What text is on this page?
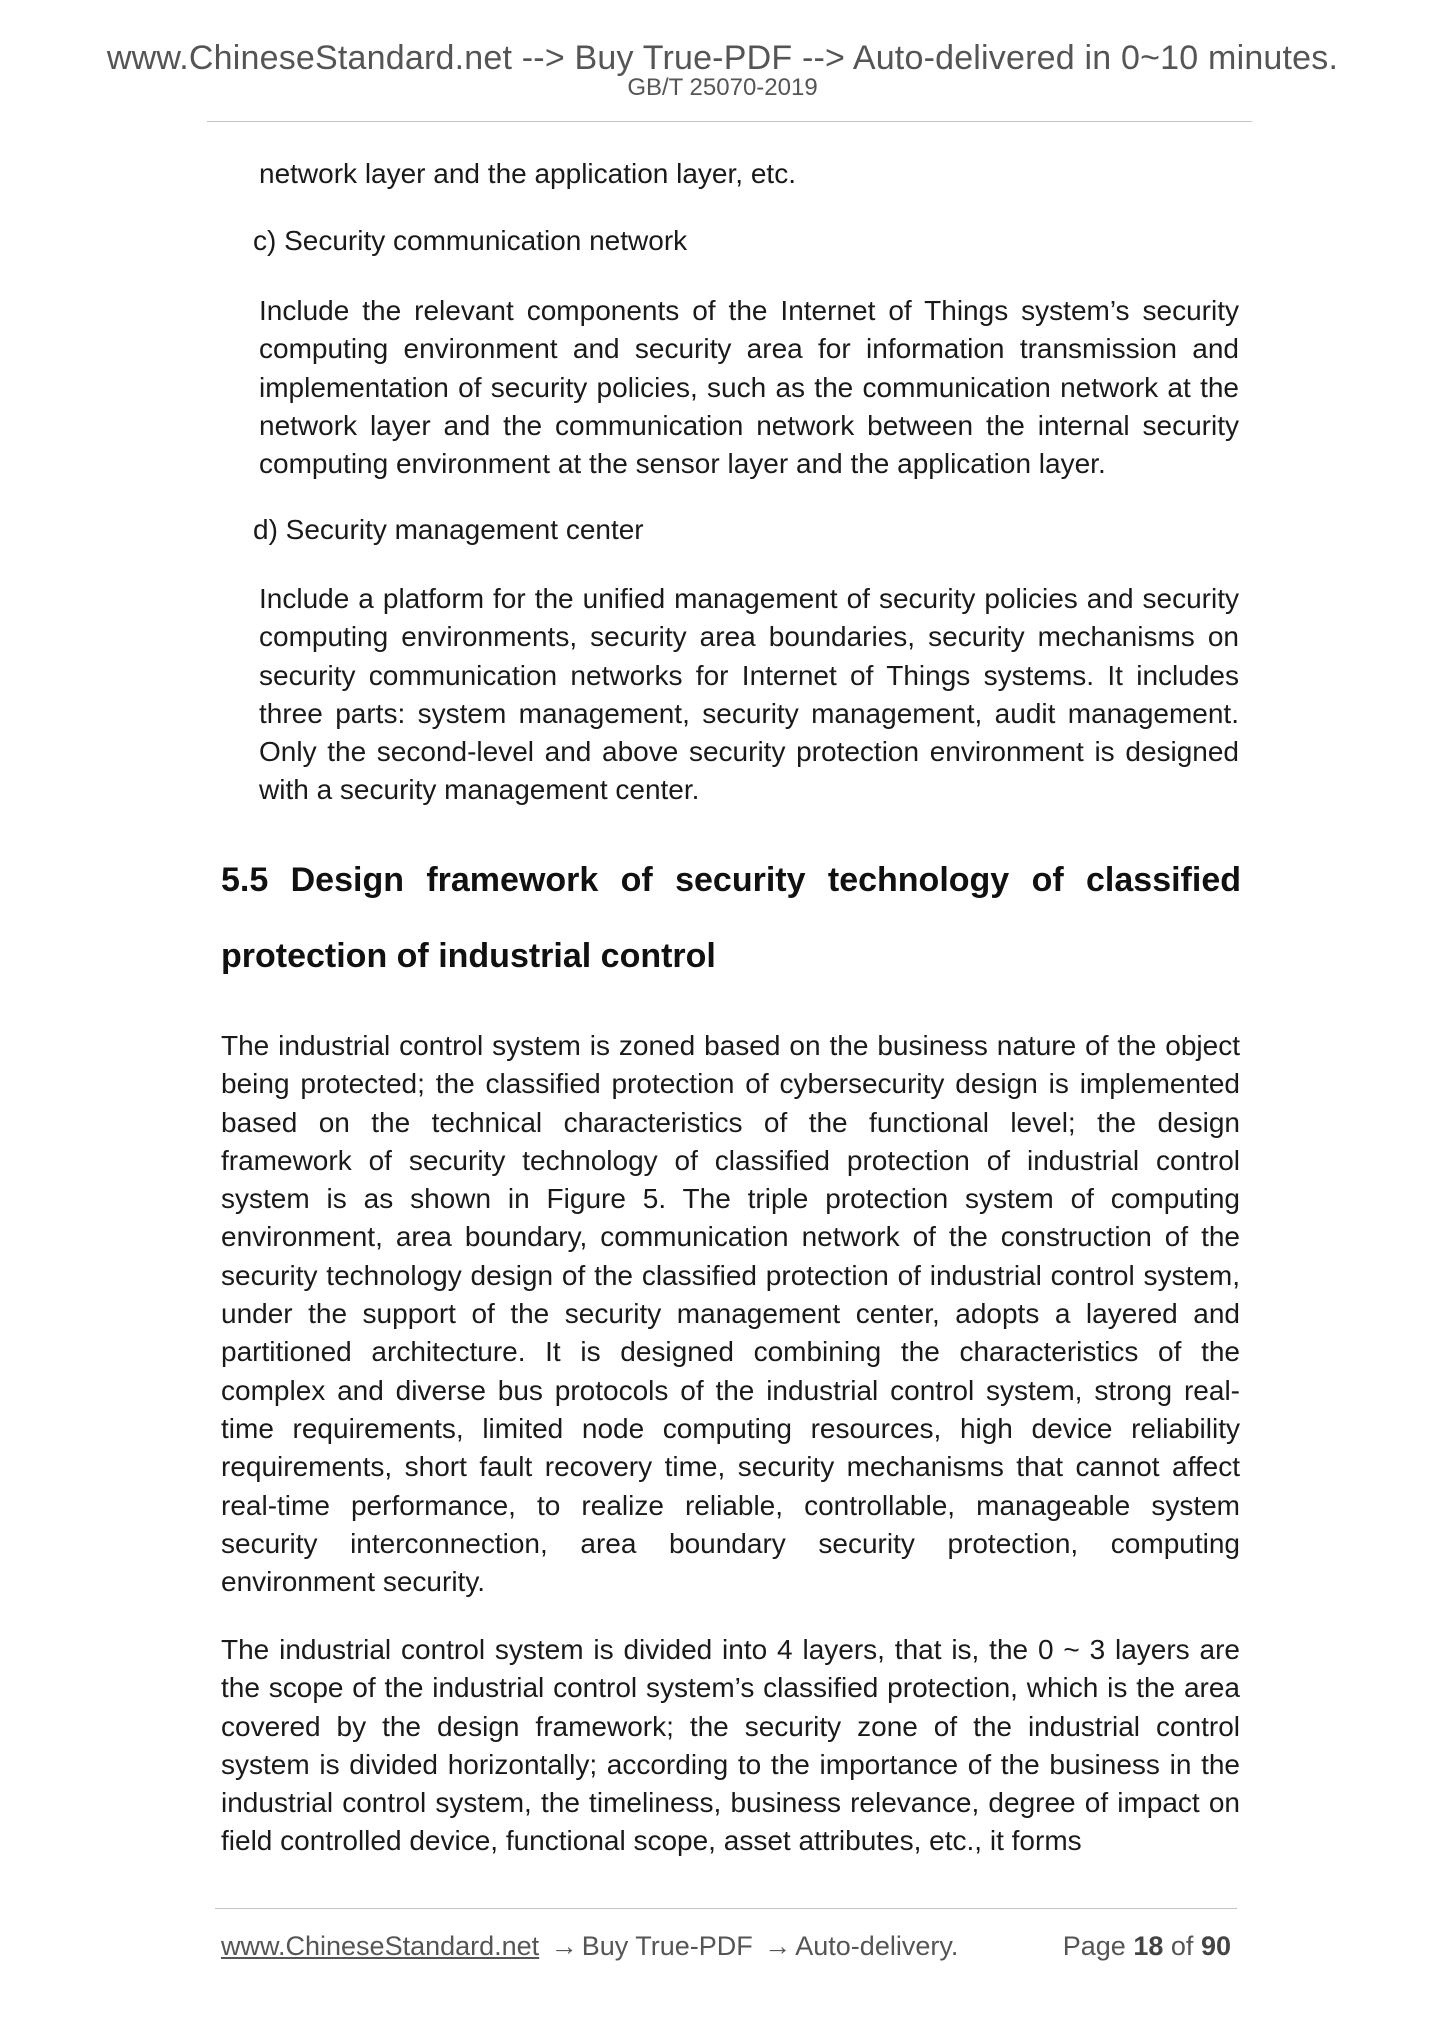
www.ChineseStandard.net --> Buy True-PDF --> Auto-delivered in 0~10 minutes.
GB/T 25070-2019

network layer and the application layer, etc.

c) Security communication network

Include the relevant components of the Internet of Things system’s security computing environment and security area for information transmission and implementation of security policies, such as the communication network at the network layer and the communication network between the internal security computing environment at the sensor layer and the application layer.

d) Security management center

Include a platform for the unified management of security policies and security computing environments, security area boundaries, security mechanisms on security communication networks for Internet of Things systems. It includes three parts: system management, security management, audit management. Only the second-level and above security protection environment is designed with a security management center.

5.5 Design framework of security technology of classified protection of industrial control

The industrial control system is zoned based on the business nature of the object being protected; the classified protection of cybersecurity design is implemented based on the technical characteristics of the functional level; the design framework of security technology of classified protection of industrial control system is as shown in Figure 5. The triple protection system of computing environment, area boundary, communication network of the construction of the security technology design of the classified protection of industrial control system, under the support of the security management center, adopts a layered and partitioned architecture. It is designed combining the characteristics of the complex and diverse bus protocols of the industrial control system, strong real-time requirements, limited node computing resources, high device reliability requirements, short fault recovery time, security mechanisms that cannot affect real-time performance, to realize reliable, controllable, manageable system security interconnection, area boundary security protection, computing environment security.

The industrial control system is divided into 4 layers, that is, the 0 ~ 3 layers are the scope of the industrial control system’s classified protection, which is the area covered by the design framework; the security zone of the industrial control system is divided horizontally; according to the importance of the business in the industrial control system, the timeliness, business relevance, degree of impact on field controlled device, functional scope, asset attributes, etc., it forms

www.ChineseStandard.net → Buy True-PDF → Auto-delivery.	Page 18 of 90
